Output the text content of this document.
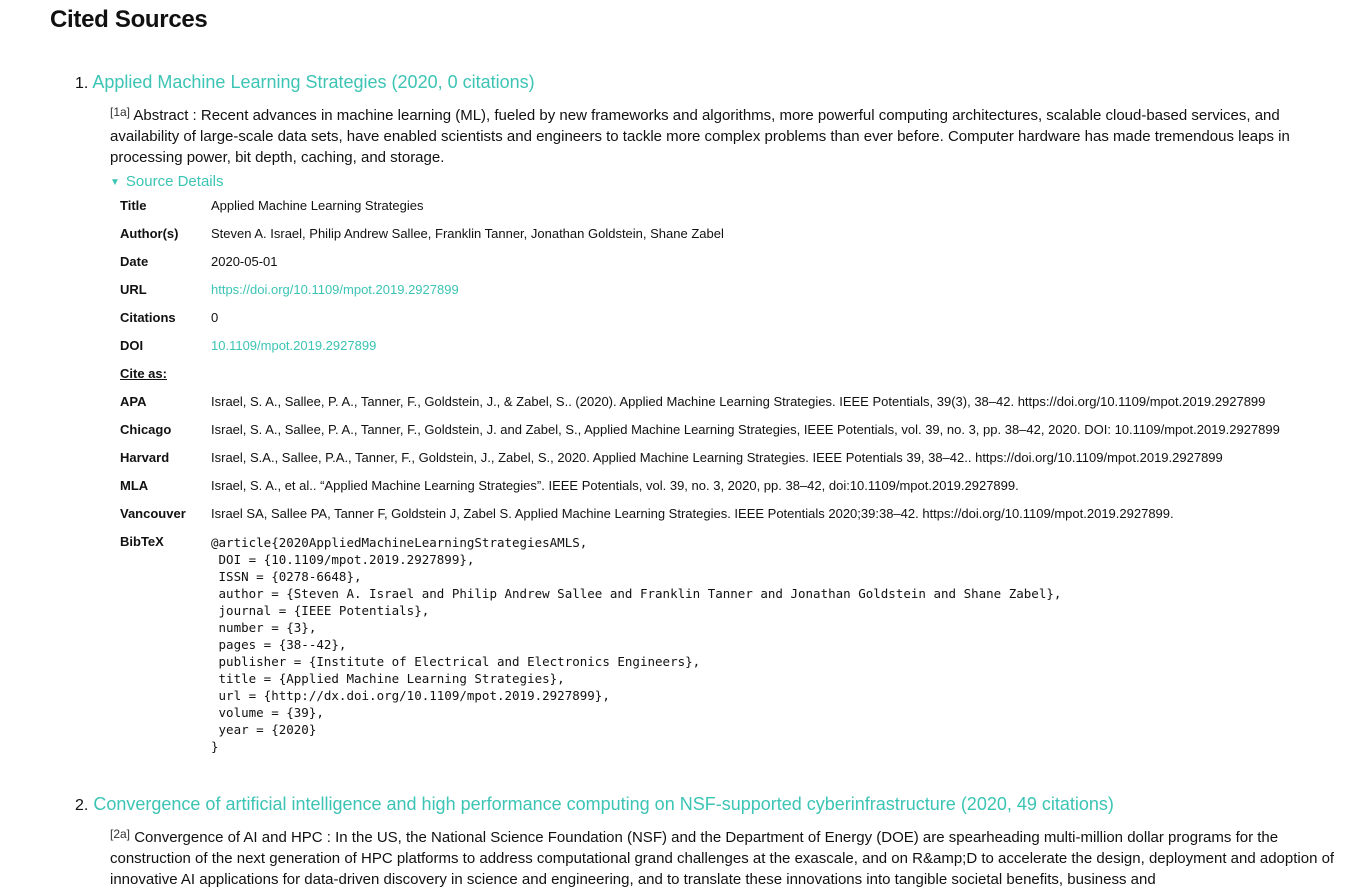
Cited Sources
1. Applied Machine Learning Strategies (2020, 0 citations)
[1a] Abstract : Recent advances in machine learning (ML), fueled by new frameworks and algorithms, more powerful computing architectures, scalable cloud-based services, and availability of large-scale data sets, have enabled scientists and engineers to tackle more complex problems than ever before. Computer hardware has made tremendous leaps in processing power, bit depth, caching, and storage.
▼ Source Details
Title	Applied Machine Learning Strategies
Author(s)	Steven A. Israel, Philip Andrew Sallee, Franklin Tanner, Jonathan Goldstein, Shane Zabel
Date	2020-05-01
URL	https://doi.org/10.1109/mpot.2019.2927899
Citations	0
DOI	10.1109/mpot.2019.2927899
Cite as:
APA	Israel, S. A., Sallee, P. A., Tanner, F., Goldstein, J., & Zabel, S.. (2020). Applied Machine Learning Strategies. IEEE Potentials, 39(3), 38–42. https://doi.org/10.1109/mpot.2019.2927899
Chicago	Israel, S. A., Sallee, P. A., Tanner, F., Goldstein, J. and Zabel, S., Applied Machine Learning Strategies, IEEE Potentials, vol. 39, no. 3, pp. 38–42, 2020. DOI: 10.1109/mpot.2019.2927899
Harvard	Israel, S.A., Sallee, P.A., Tanner, F., Goldstein, J., Zabel, S., 2020. Applied Machine Learning Strategies. IEEE Potentials 39, 38–42.. https://doi.org/10.1109/mpot.2019.2927899
MLA	Israel, S. A., et al.. “Applied Machine Learning Strategies”. IEEE Potentials, vol. 39, no. 3, 2020, pp. 38–42, doi:10.1109/mpot.2019.2927899.
Vancouver Israel SA, Sallee PA, Tanner F, Goldstein J, Zabel S. Applied Machine Learning Strategies. IEEE Potentials 2020;39:38–42. https://doi.org/10.1109/mpot.2019.2927899.
BibTeX	@article{2020AppliedMachineLearningStrategiesAMLS,
DOI = {10.1109/mpot.2019.2927899},
ISSN = {0278-6648},
author = {Steven A. Israel and Philip Andrew Sallee and Franklin Tanner and Jonathan Goldstein and Shane Zabel},
journal = {IEEE Potentials},
number = {3},
pages = {38--42},
publisher = {Institute of Electrical and Electronics Engineers},
title = {Applied Machine Learning Strategies},
url = {http://dx.doi.org/10.1109/mpot.2019.2927899},
volume = {39},
year = {2020}
}
2. Convergence of artificial intelligence and high performance computing on NSF-supported cyberinfrastructure (2020, 49 citations)
[2a] Convergence of AI and HPC : In the US, the National Science Foundation (NSF) and the Department of Energy (DOE) are spearheading multi-million dollar programs for the construction of the next generation of HPC platforms to address computational grand challenges at the exascale, and on R&amp;D to accelerate the design, deployment and adoption of innovative AI applications for data-driven discovery in science and engineering, and to translate these innovations into tangible societal benefits, business and
